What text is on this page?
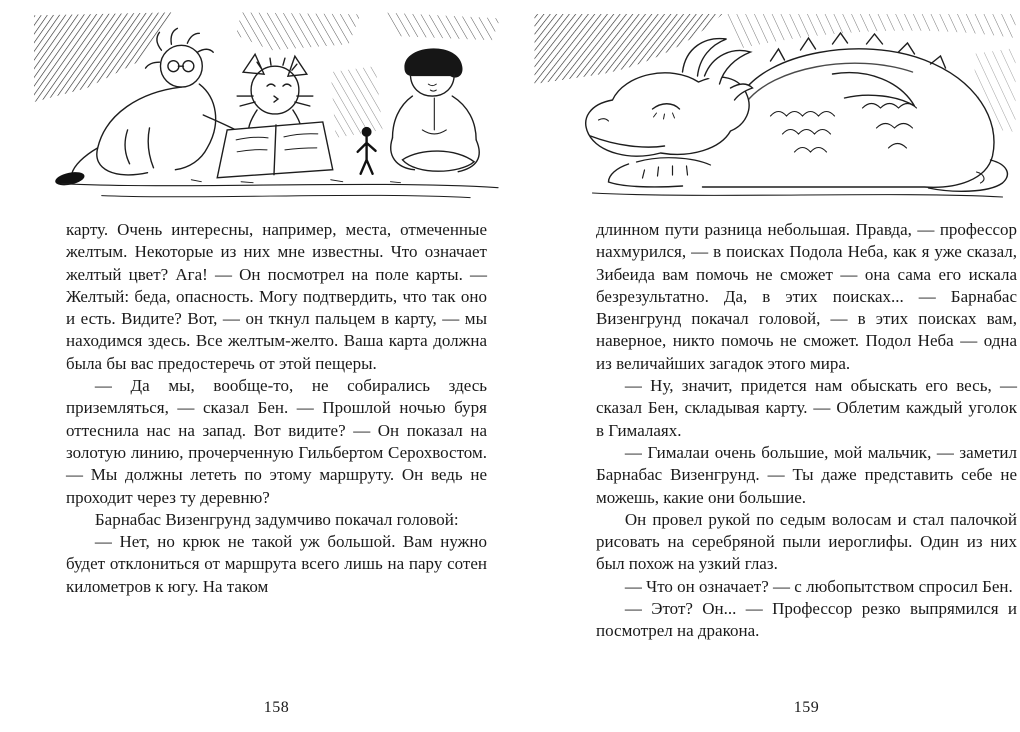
карту. Очень интересны, например, места, отмеченные желтым. Некоторые из них мне известны. Что означает желтый цвет? Ага! — Он посмотрел на поле карты. — Желтый: беда, опасность. Могу подтвердить, что так оно и есть. Видите? Вот, — он ткнул пальцем в карту, — мы находимся здесь. Все желтым-желто. Ваша карта должна была бы вас предостеречь от этой пещеры.

— Да мы, вообще-то, не собирались здесь приземляться, — сказал Бен. — Прошлой ночью буря оттеснила нас на запад. Вот видите? — Он показал на золотую линию, прочерченную Гильбертом Серохвостом. — Мы должны лететь по этому маршруту. Он ведь не проходит через ту деревню?

Барнабас Визенгрунд задумчиво покачал головой:

— Нет, но крюк не такой уж большой. Вам нужно будет отклониться от маршрута всего лишь на пару сотен километров к югу. На таком

158

длинном пути разница небольшая. Правда, — профессор нахмурился, — в поисках Подола Неба, как я уже сказал, Зибеида вам помочь не сможет — она сама его искала безрезультатно. Да, в этих поисках... — Барнабас Визенгрунд покачал головой, — в этих поисках вам, наверное, никто помочь не сможет. Подол Неба — одна из величайших загадок этого мира.

— Ну, значит, придется нам обыскать его весь, — сказал Бен, складывая карту. — Облетим каждый уголок в Гималаях.

— Гималаи очень большие, мой мальчик, — заметил Барнабас Визенгрунд. — Ты даже представить себе не можешь, какие они большие.

Он провел рукой по седым волосам и стал палочкой рисовать на серебряной пыли иероглифы. Один из них был похож на узкий глаз.

— Что он означает? — с любопытством спросил Бен.

— Этот? Он... — Профессор резко выпрямился и посмотрел на дракона.

159
